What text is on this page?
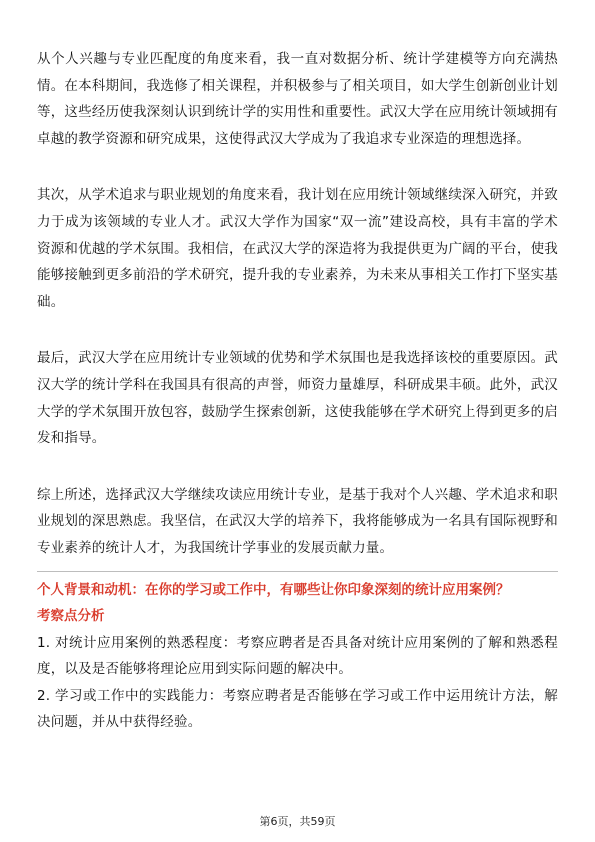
从个人兴趣与专业匹配度的角度来看，我一直对数据分析、统计学建模等方向充满热情。在本科期间，我选修了相关课程，并积极参与了相关项目，如大学生创新创业计划等，这些经历使我深刻认识到统计学的实用性和重要性。武汉大学在应用统计领域拥有卓越的教学资源和研究成果，这使得武汉大学成为了我追求专业深造的理想选择。

其次，从学术追求与职业规划的角度来看，我计划在应用统计领域继续深入研究，并致力于成为该领域的专业人才。武汉大学作为国家“双一流”建设高校，具有丰富的学术资源和优越的学术氛围。我相信，在武汉大学的深造将为我提供更为广阔的平台，使我能够接触到更多前沿的学术研究，提升我的专业素养，为未来从事相关工作打下坚实基础。

最后，武汉大学在应用统计专业领域的优势和学术氛围也是我选择该校的重要原因。武汉大学的统计学科在我国具有很高的声誉，师资力量雄厚，科研成果丰硕。此外，武汉大学的学术氛围开放包容，鼓励学生探索创新，这使我能够在学术研究上得到更多的启发和指导。

综上所述，选择武汉大学继续攻读应用统计专业，是基于我对个人兴趣、学术追求和职业规划的深思熟虑。我坚信，在武汉大学的培养下，我将能够成为一名具有国际视野和专业素养的统计人才，为我国统计学事业的发展贡献力量。

个人背景和动机：在你的学习或工作中，有哪些让你印象深刻的统计应用案例？

考察点分析

1. 对统计应用案例的熟悉程度：考察应聘者是否具备对统计应用案例的了解和熟悉程度，以及是否能够将理论应用到实际问题的解决中。

2. 学习或工作中的实践能力：考察应聘者是否能够在学习或工作中运用统计方法，解决问题，并从中获得经验。

第6页，共59页
